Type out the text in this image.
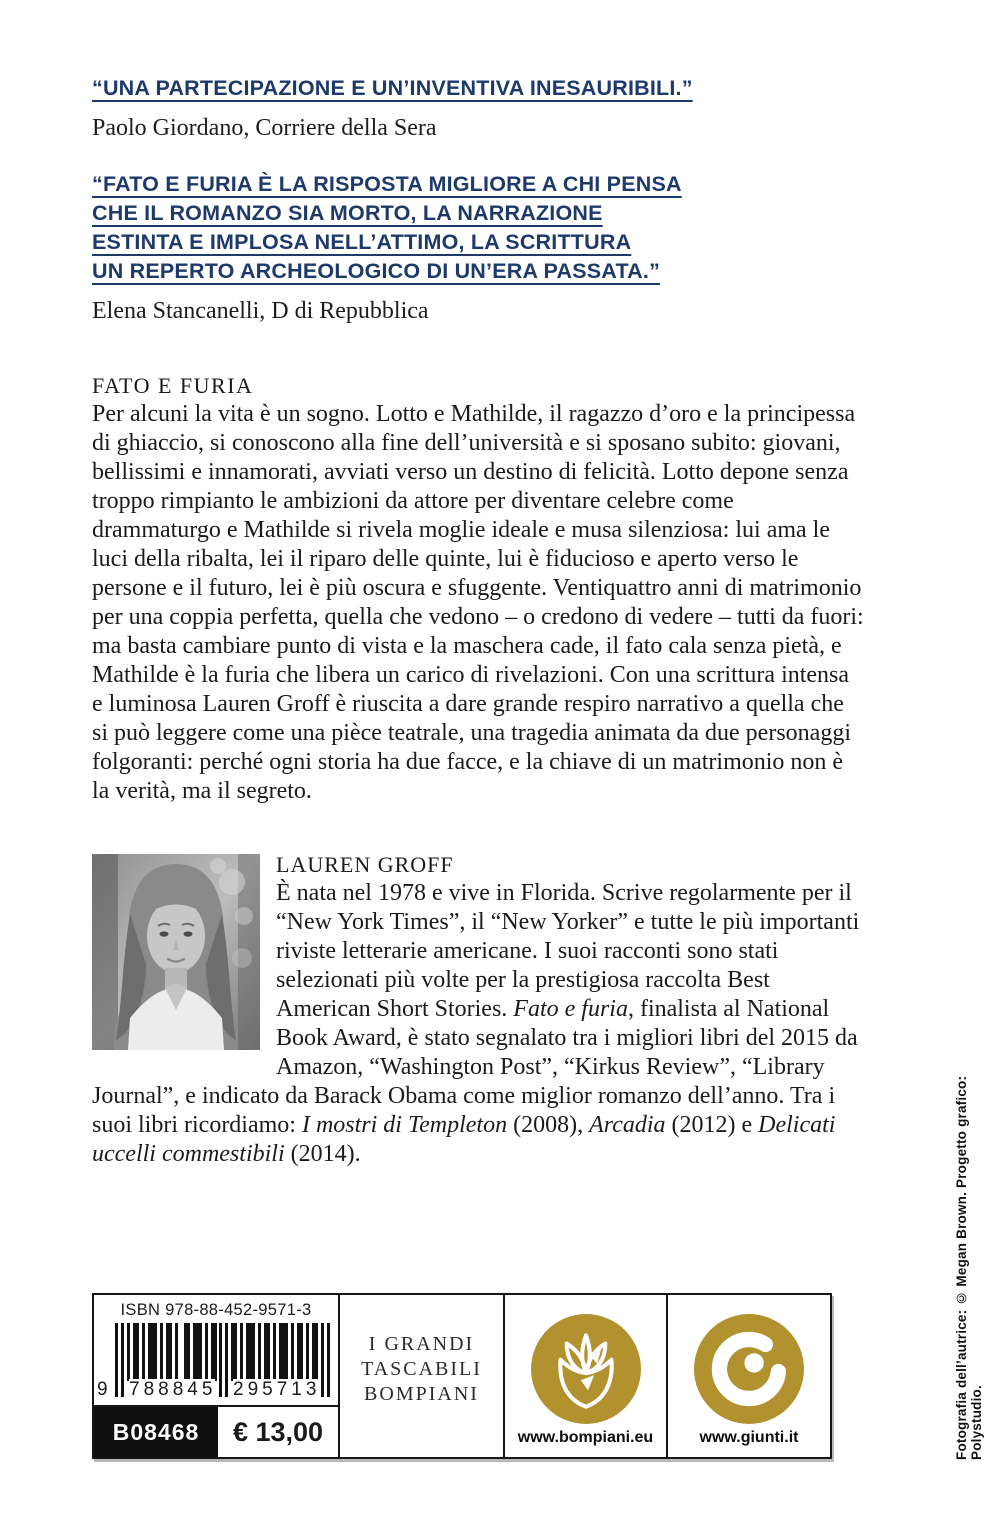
“UNA PARTECIPAZIONE E UN’INVENTIVA INESAURIBILI.”

Paolo Giordano, Corriere della Sera

“FATO E FURIA È LA RISPOSTA MIGLIORE A CHI PENSA
CHE IL ROMANZO SIA MORTO, LA NARRAZIONE
ESTINTA E IMPLOSA NELL’ATTIMO, LA SCRITTURA
UN REPERTO ARCHEOLOGICO DI UN’ERA PASSATA.”

Elena Stancanelli, D di Repubblica

FATO E FURIA

Per alcuni la vita è un sogno. Lotto e Mathilde, il ragazzo d’oro e la principessa di ghiaccio, si conoscono alla fine dell’università e si sposano subito: giovani, bellissimi e innamorati, avviati verso un destino di felicità. Lotto depone senza troppo rimpianto le ambizioni da attore per diventare celebre come drammaturgo e Mathilde si rivela moglie ideale e musa silenziosa: lui ama le luci della ribalta, lei il riparo delle quinte, lui è fiducioso e aperto verso le persone e il futuro, lei è più oscura e sfuggente. Ventiquattro anni di matrimonio per una coppia perfetta, quella che vedono – o credono di vedere – tutti da fuori: ma basta cambiare punto di vista e la maschera cade, il fato cala senza pietà, e Mathilde è la furia che libera un carico di rivelazioni. Con una scrittura intensa e luminosa Lauren Groff è riuscita a dare grande respiro narrativo a quella che si può leggere come una pièce teatrale, una tragedia animata da due personaggi folgoranti: perché ogni storia ha due facce, e la chiave di un matrimonio non è la verità, ma il segreto.

LAUREN GROFF
È nata nel 1978 e vive in Florida. Scrive regolarmente per il “New York Times”, il “New Yorker” e tutte le più importanti riviste letterarie americane. I suoi racconti sono stati selezionati più volte per la prestigiosa raccolta Best American Short Stories. Fato e furia, finalista al National Book Award, è stato segnalato tra i migliori libri del 2015 da Amazon, “Washington Post”, “Kirkus Review”, “Library Journal”, e indicato da Barack Obama come miglior romanzo dell’anno. Tra i suoi libri ricordiamo: I mostri di Templeton (2008), Arcadia (2012) e Delicati uccelli commestibili (2014).

ISBN 978-88-452-9571-3
9 788845 295713
B08468	€ 13,00
I GRANDI
TASCABILI
BOMPIANI
www.bompiani.eu	www.giunti.it	Fotografia dell’autrice: © Megan Brown. Progetto grafico: Polystudio.
